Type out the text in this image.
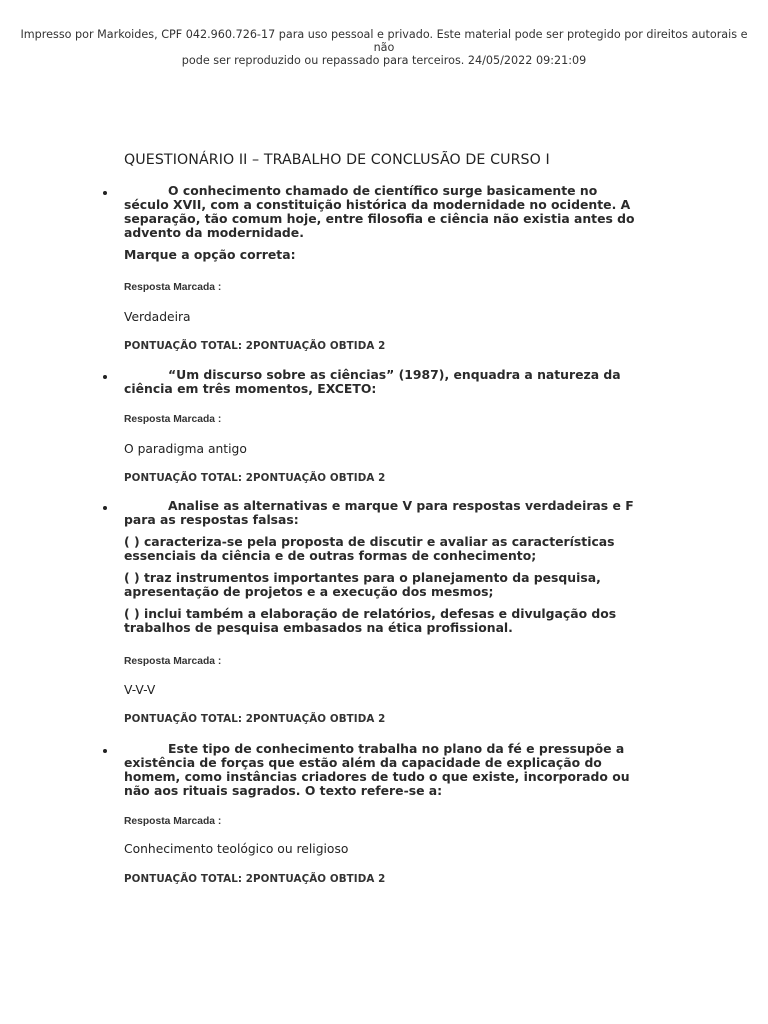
Impresso por Markoides, CPF 042.960.726-17 para uso pessoal e privado. Este material pode ser protegido por direitos autorais e não
pode ser reproduzido ou repassado para terceiros. 24/05/2022 09:21:09
QUESTIONÁRIO II – TRABALHO DE CONCLUSÃO DE CURSO I

O conhecimento chamado de científico surge basicamente no século XVII, com a constituição histórica da modernidade no ocidente. A separação, tão comum hoje, entre filosofia e ciência não existia antes do advento da modernidade.

Marque a opção correta:

Resposta Marcada :
Verdadeira
PONTUAÇÃO TOTAL: 2PONTUAÇÃO OBTIDA 2

“Um discurso sobre as ciências” (1987), enquadra a natureza da ciência em três momentos, EXCETO:

Resposta Marcada :
O paradigma antigo
PONTUAÇÃO TOTAL: 2PONTUAÇÃO OBTIDA 2

Analise as alternativas e marque V para respostas verdadeiras e F para as respostas falsas:

( ) caracteriza-se pela proposta de discutir e avaliar as características essenciais da ciência e de outras formas de conhecimento;

( ) traz instrumentos importantes para o planejamento da pesquisa, apresentação de projetos e a execução dos mesmos;

( ) inclui também a elaboração de relatórios, defesas e divulgação dos trabalhos de pesquisa embasados na ética profissional.

Resposta Marcada :
V-V-V
PONTUAÇÃO TOTAL: 2PONTUAÇÃO OBTIDA 2

Este tipo de conhecimento trabalha no plano da fé e pressupõe a existência de forças que estão além da capacidade de explicação do homem, como instâncias criadores de tudo o que existe, incorporado ou não aos rituais sagrados. O texto refere-se a:

Resposta Marcada :
Conhecimento teológico ou religioso
PONTUAÇÃO TOTAL: 2PONTUAÇÃO OBTIDA 2
